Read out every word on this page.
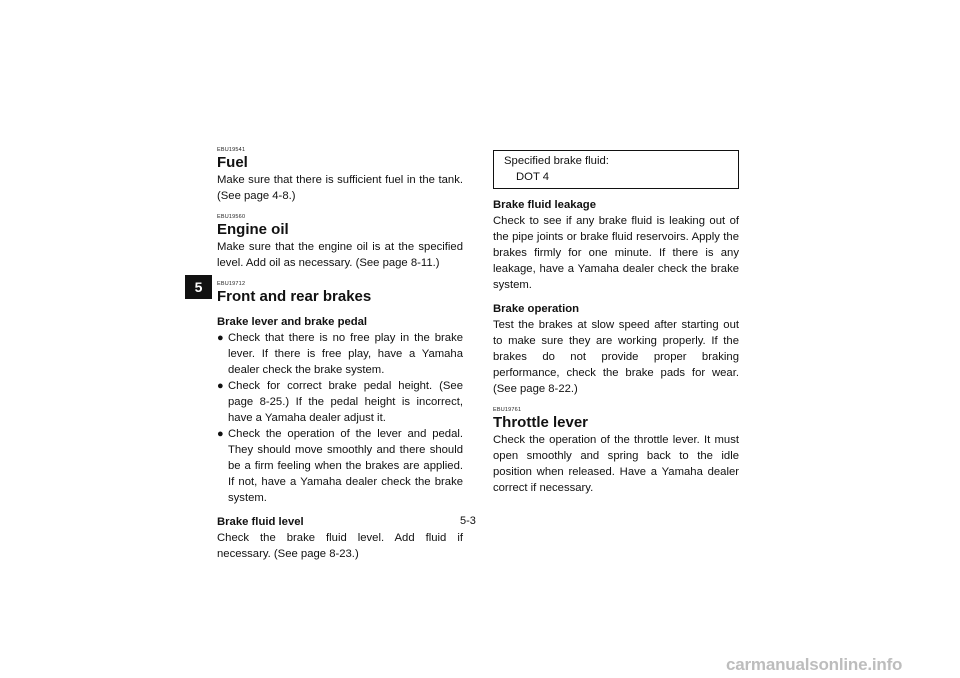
5
EBU19541
Fuel
Make sure that there is sufficient fuel in the tank. (See page 4-8.)
EBU19560
Engine oil
Make sure that the engine oil is at the specified level. Add oil as necessary. (See page 8-11.)
EBU19712
Front and rear brakes
Brake lever and brake pedal
● Check that there is no free play in the brake lever. If there is free play, have a Yamaha dealer check the brake system.
● Check for correct brake pedal height. (See page 8-25.) If the pedal height is incorrect, have a Yamaha dealer adjust it.
● Check the operation of the lever and pedal. They should move smoothly and there should be a firm feeling when the brakes are applied. If not, have a Yamaha dealer check the brake system.
Brake fluid level
Check the brake fluid level. Add fluid if necessary. (See page 8-23.)
Specified brake fluid:
DOT 4
Brake fluid leakage
Check to see if any brake fluid is leaking out of the pipe joints or brake fluid reservoirs. Apply the brakes firmly for one minute. If there is any leakage, have a Yamaha dealer check the brake system.
Brake operation
Test the brakes at slow speed after starting out to make sure they are working properly. If the brakes do not provide proper braking performance, check the brake pads for wear. (See page 8-22.)
EBU19761
Throttle lever
Check the operation of the throttle lever. It must open smoothly and spring back to the idle position when released. Have a Yamaha dealer correct if necessary.
5-3
carmanualsonline.info
